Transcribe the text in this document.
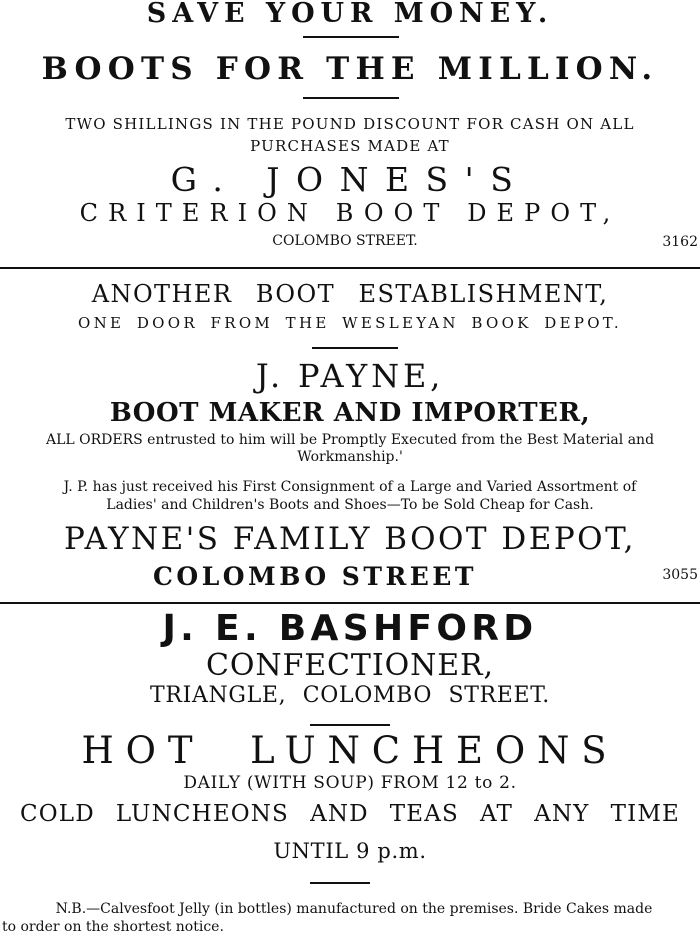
SAVE YOUR MONEY.
BOOTS FOR THE MILLION.
TWO SHILLINGS IN THE POUND DISCOUNT FOR CASH ON ALL
PURCHASES MADE AT
G. JONES'S
CRITERION BOOT DEPOT,
COLOMBO STREET.	3162
ANOTHER BOOT ESTABLISHMENT,
ONE DOOR FROM THE WESLEYAN BOOK DEPOT.
J. PAYNE,
BOOT MAKER AND IMPORTER,
ALL ORDERS entrusted to him will be Promptly Executed from the Best Material and
Workmanship.'
J. P. has just received his First Consignment of a Large and Varied Assortment of
Ladies' and Children's Boots and Shoes—To be Sold Cheap for Cash.
PAYNE'S FAMILY BOOT DEPOT,
COLOMBO STREET	3055
J. E. BASHFORD
CONFECTIONER,
TRIANGLE, COLOMBO STREET.
HOT LUNCHEONS
DAILY (WITH SOUP) FROM 12 to 2.
COLD LUNCHEONS AND TEAS AT ANY TIME
UNTIL 9 p.m.
N.B.—Calvesfoot Jelly (in bottles) manufactured on the premises. Bride Cakes made
to order on the shortest notice.
